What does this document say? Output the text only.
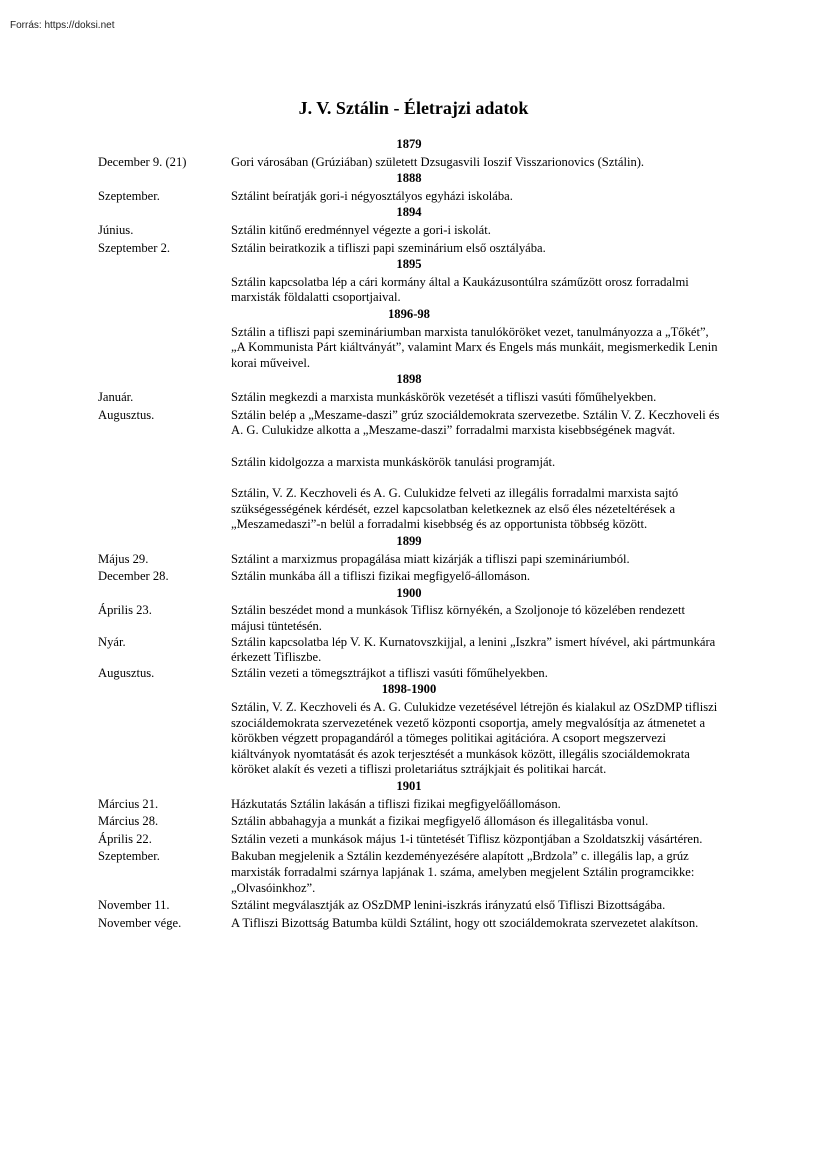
Forrás: https://doksi.net
J. V. Sztálin - Életrajzi adatok
1879
December 9. (21)	Gori városában (Grúziában) született Dzsugasvili Ioszif Visszarionovics (Sztálin).
1888
Szeptember.	Sztálint beíratják gori-i négyosztályos egyházi iskolába.
1894
Június.	Sztálin kitűnő eredménnyel végezte a gori-i iskolát.
Szeptember 2.	Sztálin beiratkozik a tifliszi papi szeminárium első osztályába.
1895
Sztálin kapcsolatba lép a cári kormány által a Kaukázusontúlra száműzött orosz forradalmi marxisták földalatti csoportjaival.
1896-98
Sztálin a tifliszi papi szemináriumban marxista tanulóköröket vezet, tanulmányozza a „Tőkét”, „A Kommunista Párt kiáltványát”, valamint Marx és Engels más munkáit, megismerkedik Lenin korai műveivel.
1898
Január.	Sztálin megkezdi a marxista munkáskörök vezetését a tifliszi vasúti főműhelyekben.
Augusztus.	Sztálin belép a „Meszame-daszi” grúz szociáldemokrata szervezetbe. Sztálin V. Z. Keczhoveli és A. G. Culukidze alkotta a „Meszame-daszi” forradalmi marxista kisebbségének magvát.
Sztálin kidolgozza a marxista munkáskörök tanulási programját.
Sztálin, V. Z. Keczhoveli és A. G. Culukidze felveti az illegális forradalmi marxista sajtó szükségességének kérdését, ezzel kapcsolatban keletkeznek az első éles nézeteltérések a „Meszamedaszi”-n belül a forradalmi kisebbség és az opportunista többség között.
1899
Május 29.	Sztálint a marxizmus propagálása miatt kizárják a tifliszi papi szemináriumból.
December 28.	Sztálin munkába áll a tifliszi fizikai megfigyelő-állomáson.
1900
Április 23.	Sztálin beszédet mond a munkások Tiflisz környékén, a Szoljonoje tó közelében rendezett májusi tüntetésén.
Nyár.	Sztálin kapcsolatba lép V. K. Kurnatovszkijjal, a lenini „Iszkra” ismert hívével, aki pártmunkára érkezett Tifliszbe.
Augusztus.	Sztálin vezeti a tömegsztrájkot a tifliszi vasúti főműhelyekben.
1898-1900
Sztálin, V. Z. Keczhoveli és A. G. Culukidze vezetésével létrejön és kialakul az OSzDMP tifliszi szociáldemokrata szervezetének vezető központi csoportja, amely megvalósítja az átmenetet a körökben végzett propagandáról a tömeges politikai agitációra. A csoport megszervezi kiáltványok nyomtatását és azok terjesztését a munkások között, illegális szociáldemokrata köröket alakít és vezeti a tifliszi proletariátus sztrájkjait és politikai harcát.
1901
Március 21.	Házkutatás Sztálin lakásán a tifliszi fizikai megfigyelőállomáson.
Március 28.	Sztálin abbahagyja a munkát a fizikai megfigyelő állomáson és illegalitásba vonul.
Április 22.	Sztálin vezeti a munkások május 1-i tüntetését Tiflisz központjában a Szoldatszkij vásártéren.
Szeptember.	Bakuban megjelenik a Sztálin kezdeményezésére alapított „Brdzola” c. illegális lap, a grúz marxisták forradalmi szárnya lapjának 1. száma, amelyben megjelent Sztálin programcikke: „Olvasóinkhoz”.
November 11.	Sztálint megválasztják az OSzDMP lenini-iszkrás irányzatú első Tifliszi Bizottságába.
November vége.	A Tifliszi Bizottság Batumba küldi Sztálint, hogy ott szociáldemokrata szervezetet alakítson.
